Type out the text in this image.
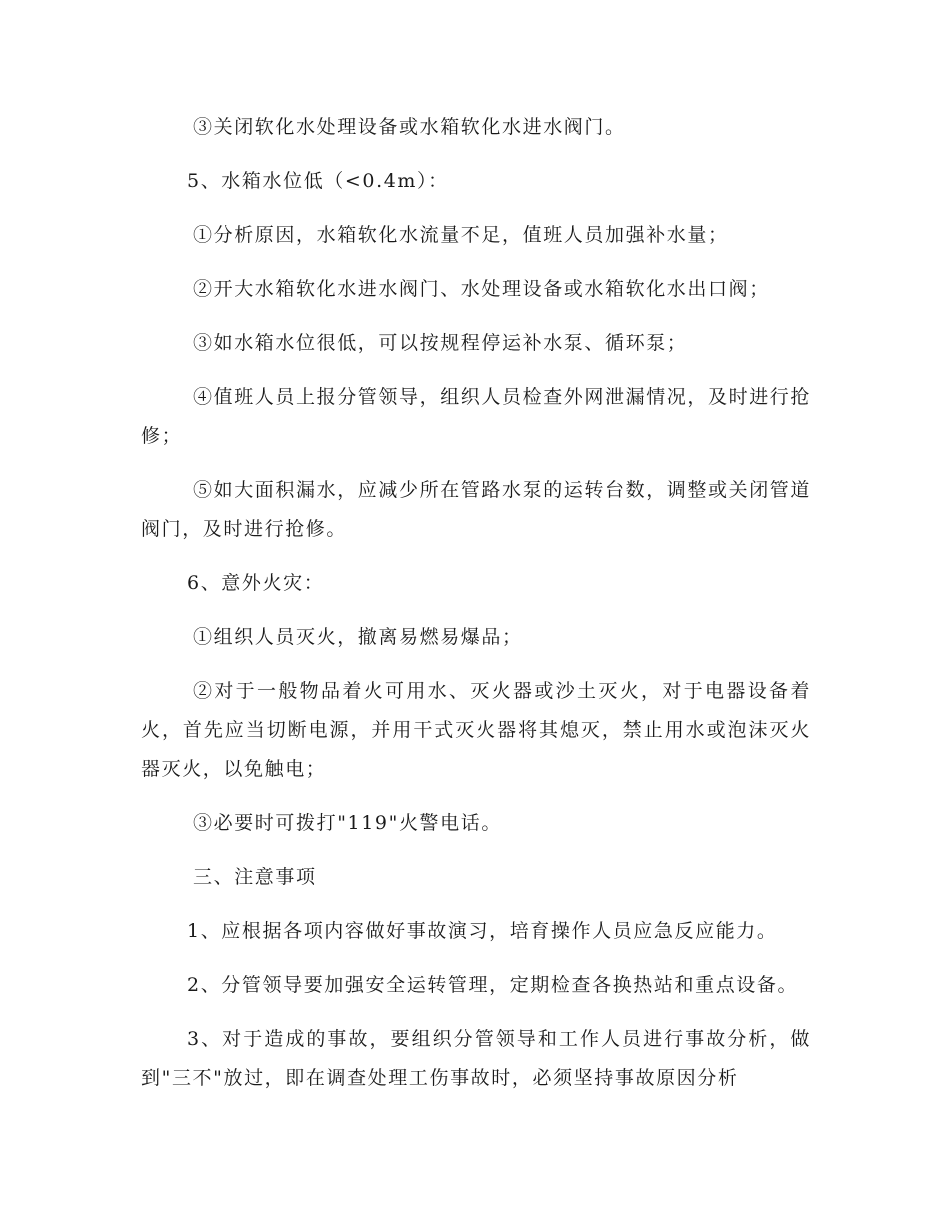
③关闭软化水处理设备或水箱软化水进水阀门。

5、水箱水位低（<0.4m）：

①分析原因，水箱软化水流量不足，值班人员加强补水量；

②开大水箱软化水进水阀门、水处理设备或水箱软化水出口阀；

③如水箱水位很低，可以按规程停运补水泵、循环泵；

④值班人员上报分管领导，组织人员检查外网泄漏情况，及时进行抢修；

⑤如大面积漏水，应减少所在管路水泵的运转台数，调整或关闭管道阀门，及时进行抢修。

6、意外火灾：

①组织人员灭火，撤离易燃易爆品；

②对于一般物品着火可用水、灭火器或沙土灭火，对于电器设备着火，首先应当切断电源，并用干式灭火器将其熄灭，禁止用水或泡沫灭火器灭火，以免触电；

③必要时可拨打"119"火警电话。

三、注意事项

1、应根据各项内容做好事故演习，培育操作人员应急反应能力。

2、分管领导要加强安全运转管理，定期检查各换热站和重点设备。

3、对于造成的事故，要组织分管领导和工作人员进行事故分析，做到"三不"放过，即在调查处理工伤事故时，必须坚持事故原因分析
